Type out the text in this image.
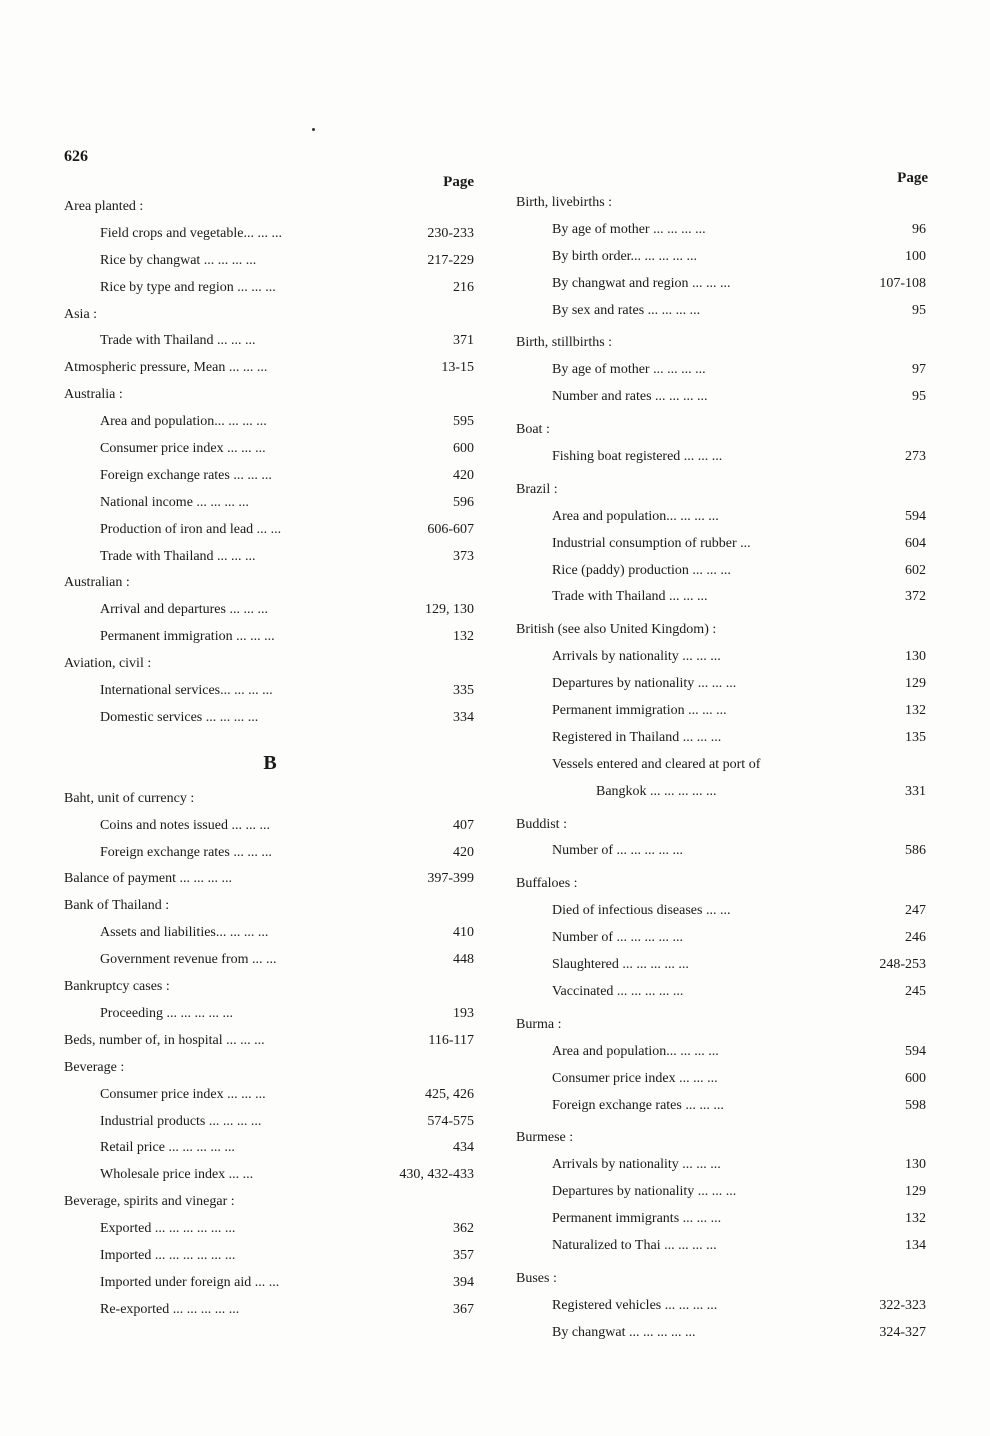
626
Page
Area planted :
Field crops and vegetable... ... ...	230-233
Rice by changwat ... ... ... ...	217-229
Rice by type and region ... ... ...	216
Asia :
Trade with Thailand ... ... ...	371
Atmospheric pressure, Mean ... ... ...	13-15
Australia :
Area and population... ... ... ...	595
Consumer price index ... ... ...	600
Foreign exchange rates ... ... ...	420
National income ... ... ... ...	596
Production of iron and lead ... ...	606-607
Trade with Thailand ... ... ...	373
Australian :
Arrival and departures ... ... ...	129, 130
Permanent immigration ... ... ...	132
Aviation, civil :
International services... ... ... ...	335
Domestic services ... ... ... ...	334
B
Baht, unit of currency :
Coins and notes issued ... ... ...	407
Foreign exchange rates ... ... ...	420
Balance of payment ... ... ... ...	397-399
Bank of Thailand :
Assets and liabilities... ... ... ...	410
Government revenue from ... ...	448
Bankruptcy cases :
Proceeding ... ... ... ... ...	193
Beds, number of, in hospital ... ... ...	116-117
Beverage :
Consumer price index ... ... ...	425, 426
Industrial products ... ... ... ...	574-575
Retail price ... ... ... ... ...	434
Wholesale price index ... ...	430, 432-433
Beverage, spirits and vinegar :
Exported ... ... ... ... ... ...	362
Imported ... ... ... ... ... ...	357
Imported under foreign aid ... ...	394
Re-exported ... ... ... ... ...	367
Page
Birth, livebirths :
By age of mother ... ... ... ...	96
By birth order... ... ... ... ...	100
By changwat and region ... ... ...	107-108
By sex and rates ... ... ... ...	95
Birth, stillbirths :
By age of mother ... ... ... ...	97
Number and rates ... ... ... ...	95
Boat :
Fishing boat registered ... ... ...	273
Brazil :
Area and population... ... ... ...	594
Industrial consumption of rubber ...	604
Rice (paddy) production ... ... ...	602
Trade with Thailand ... ... ...	372
British (see also United Kingdom) :
Arrivals by nationality ... ... ...	130
Departures by nationality ... ... ...	129
Permanent immigration ... ... ...	132
Registered in Thailand ... ... ...	135
Vessels entered and cleared at port of
Bangkok ... ... ... ... ...	331
Buddist :
Number of ... ... ... ... ...	586
Buffaloes :
Died of infectious diseases ... ...	247
Number of ... ... ... ... ...	246
Slaughtered ... ... ... ... ...	248-253
Vaccinated ... ... ... ... ...	245
Burma :
Area and population... ... ... ...	594
Consumer price index ... ... ...	600
Foreign exchange rates ... ... ...	598
Burmese :
Arrivals by nationality ... ... ...	130
Departures by nationality ... ... ...	129
Permanent immigrants ... ... ...	132
Naturalized to Thai ... ... ... ...	134
Buses :
Registered vehicles ... ... ... ...	322-323
By changwat ... ... ... ... ...	324-327
